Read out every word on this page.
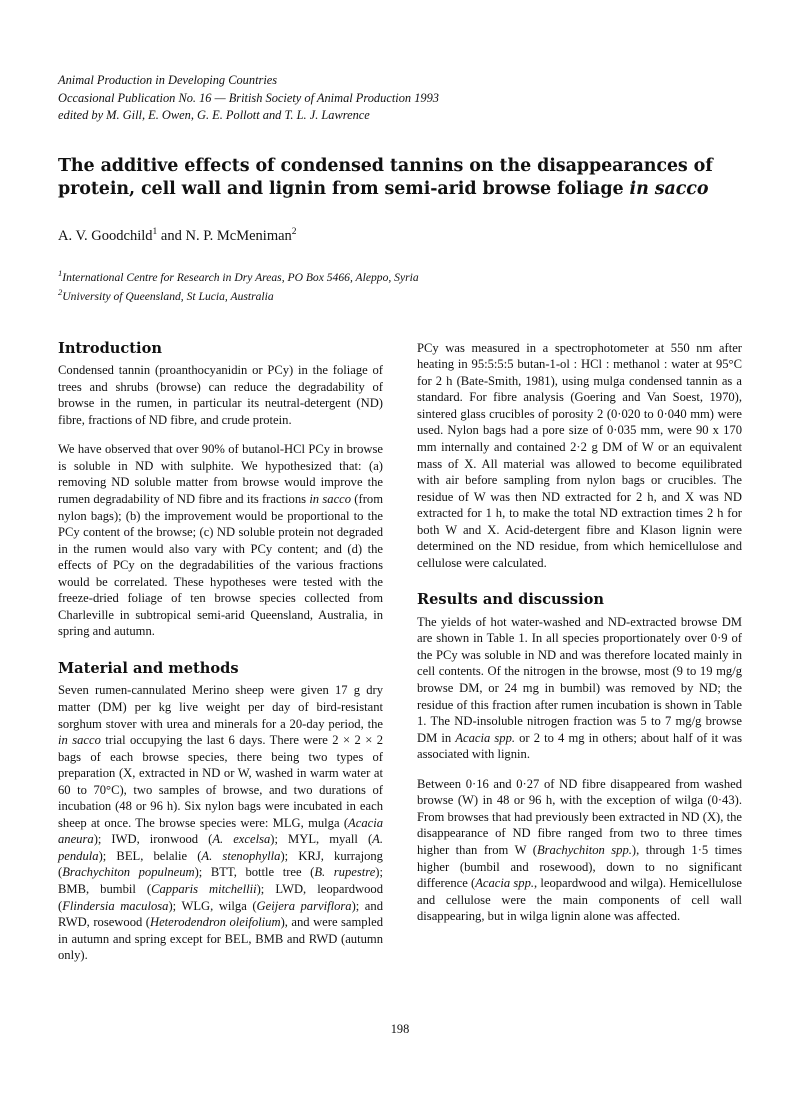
Animal Production in Developing Countries
Occasional Publication No. 16 — British Society of Animal Production 1993
edited by M. Gill, E. Owen, G. E. Pollott and T. L. J. Lawrence
The additive effects of condensed tannins on the disappearances of protein, cell wall and lignin from semi-arid browse foliage in sacco
A. V. Goodchild$^1$ and N. P. McMeniman$^2$
$^1$International Centre for Research in Dry Areas, PO Box 5466, Aleppo, Syria
$^2$University of Queensland, St Lucia, Australia
Introduction

Condensed tannin (proanthocyanidin or PCy) in the foliage of trees and shrubs (browse) can reduce the degradability of browse in the rumen, in particular its neutral-detergent (ND) fibre, fractions of ND fibre, and crude protein.

We have observed that over 90% of butanol-HCl PCy in browse is soluble in ND with sulphite. We hypothesized that: (a) removing ND soluble matter from browse would improve the rumen degradability of ND fibre and its fractions in sacco (from nylon bags); (b) the improvement would be proportional to the PCy content of the browse; (c) ND soluble protein not degraded in the rumen would also vary with PCy content; and (d) the effects of PCy on the degradabilities of the various fractions would be correlated. These hypotheses were tested with the freeze-dried foliage of ten browse species collected from Charleville in subtropical semi-arid Queensland, Australia, in spring and autumn.

Material and methods

Seven rumen-cannulated Merino sheep were given 17 g dry matter (DM) per kg live weight per day of bird-resistant sorghum stover with urea and minerals for a 20-day period, the in sacco trial occupying the last 6 days. There were 2 × 2 × 2 bags of each browse species, there being two types of preparation (X, extracted in ND or W, washed in warm water at 60 to 70°C), two samples of browse, and two durations of incubation (48 or 96 h). Six nylon bags were incubated in each sheep at once. The browse species were: MLG, mulga (Acacia aneura); IWD, ironwood (A. excelsa); MYL, myall (A. pendula); BEL, belalie (A. stenophylla); KRJ, kurrajong (Brachychiton populneum); BTT, bottle tree (B. rupestre); BMB, bumbil (Capparis mitchellii); LWD, leopardwood (Flindersia maculosa); WLG, wilga (Geijera parviflora); and RWD, rosewood (Heterodendron oleifolium), and were sampled in autumn and spring except for BEL, BMB and RWD (autumn only).

PCy was measured in a spectrophotometer at 550 nm after heating in 95:5:5:5 butan-1-ol : HCl : methanol : water at 95°C for 2 h (Bate-Smith, 1981), using mulga condensed tannin as a standard. For fibre analysis (Goering and Van Soest, 1970), sintered glass crucibles of porosity 2 (0·020 to 0·040 mm) were used. Nylon bags had a pore size of 0·035 mm, were 90 x 170 mm internally and contained 2·2 g DM of W or an equivalent mass of X. All material was allowed to become equilibrated with air before sampling from nylon bags or crucibles. The residue of W was then ND extracted for 2 h, and X was ND extracted for 1 h, to make the total ND extraction times 2 h for both W and X. Acid-detergent fibre and Klason lignin were determined on the ND residue, from which hemicellulose and cellulose were calculated.

Results and discussion

The yields of hot water-washed and ND-extracted browse DM are shown in Table 1. In all species proportionately over 0·9 of the PCy was soluble in ND and was therefore located mainly in cell contents. Of the nitrogen in the browse, most (9 to 19 mg/g browse DM, or 24 mg in bumbil) was removed by ND; the residue of this fraction after rumen incubation is shown in Table 1. The ND-insoluble nitrogen fraction was 5 to 7 mg/g browse DM in Acacia spp. or 2 to 4 mg in others; about half of it was associated with lignin.

Between 0·16 and 0·27 of ND fibre disappeared from washed browse (W) in 48 or 96 h, with the exception of wilga (0·43). From browses that had previously been extracted in ND (X), the disappearance of ND fibre ranged from two to three times higher than from W (Brachychiton spp.), through 1·5 times higher (bumbil and rosewood), down to no significant difference (Acacia spp., leopardwood and wilga). Hemicellulose and cellulose were the main components of cell wall disappearing, but in wilga lignin alone was affected.

198
